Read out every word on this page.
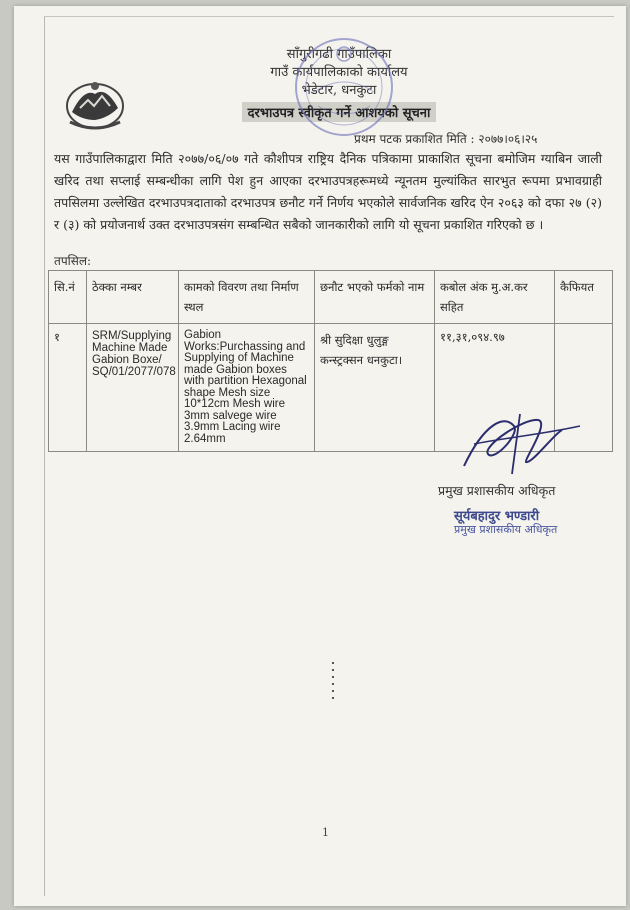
साँगुरीगढी गाउँपालिका
गाउँ कार्यपालिकाको कार्यालय
भेडेटार, धनकुटा
दरभाउपत्र स्वीकृत गर्ने आशयको सूचना
प्रथम पटक प्रकाशित मिति : २०७७।०६।२५
यस गाउँपालिकाद्वारा मिति २०७७/०६/०७ गते कौशीपत्र राष्ट्रिय दैनिक पत्रिकामा प्राकाशित सूचना बमोजिम ग्याबिन जाली खरिद तथा सप्लाई सम्बन्धीका लागि पेश हुन आएका दरभाउपत्रहरूमध्ये न्यूनतम मुल्यांकित सारभुत रूपमा प्रभावग्राही तपसिलमा उल्लेखित दरभाउपत्रदाताको दरभाउपत्र छनौट गर्ने निर्णय भएकोले सार्वजनिक खरिद ऐन २०६३ को दफा २७ (२) र (३) को प्रयोजनार्थ उक्त दरभाउपत्रसंग सम्बन्धित सबैको जानकारीको लागि यो सूचना प्रकाशित गरिएको छ ।
तपसिल:
सि.नं	ठेक्का नम्बर	कामको विवरण तथा निर्माण स्थल	छनौट भएको फर्मको नाम	कबोल अंक मु.अ.कर सहित	कैफियत
१	SRM/Supplying Machine Made Gabion Boxe/ SQ/01/2077/078	Gabion Works:Purchassing and Supplying of Machine made Gabion boxes with partition Hexagonal shape Mesh size 10*12cm Mesh wire 3mm salvege wire 3.9mm Lacing wire 2.64mm	श्री सुदिक्षा धुलुङ्ग कन्स्ट्रक्सन धनकुटा।	११,३१,०९४.९७	
प्रमुख प्रशासकीय अधिकृत
सूर्यबहादुर भण्डारी
प्रमुख प्रशासकीय अधिकृत
1
